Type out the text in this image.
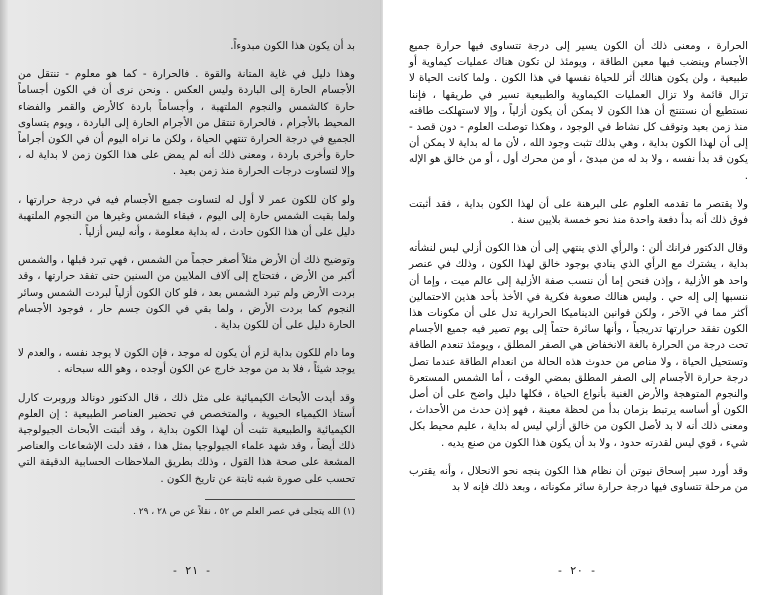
بد أن يكون هذا الكون مبدوءاً.

وهذا دليل في غاية المتانة والقوة . فالحرارة - كما هو معلوم - تنتقل من الأجسام الحارة إلى الباردة وليس العكس . ونحن نرى أن في الكون أجساماً حارة كالشمس والنجوم الملتهبة ، وأجساماً باردة كالأرض والقمر والفضاء المحيط بالأجرام ، فالحرارة تنتقل من الأجرام الحارة إلى الباردة ، ويوم يتساوى الجميع في درجة الحرارة تنتهي الحياة ، ولكن ما نراه اليوم أن في الكون أجراماً حارة وأخرى باردة ، ومعنى ذلك أنه لم يمض على هذا الكون زمن لا بداية له ، وإلا لتساوت درجات الحرارة منذ زمن بعيد .

ولو كان للكون عمر لا أول له لتساوت جميع الأجسام فيه في درجة حرارتها ، ولما بقيت الشمس حارة إلى اليوم ، فبقاء الشمس وغيرها من النجوم الملتهبة دليل على أن هذا الكون حادث ، له بداية معلومة ، وأنه ليس أزلياً .

وتوضيح ذلك أن الأرض مثلاً أصغر حجماً من الشمس ، فهي تبرد قبلها ، والشمس أكبر من الأرض ، فتحتاج إلى آلاف الملايين من السنين حتى تفقد حرارتها ، وقد بردت الأرض ولم تبرد الشمس بعد ، فلو كان الكون أزلياً لبردت الشمس وسائر النجوم كما بردت الأرض ، ولما بقي في الكون جسم حار ، فوجود الأجسام الحارة دليل على أن للكون بداية .

وما دام للكون بداية لزم أن يكون له موجد ، فإن الكون لا يوجد نفسه ، والعدم لا يوجد شيئاً ، فلا بد من موجد خارج عن الكون أوجده ، وهو الله سبحانه .

وقد أيدت الأبحاث الكيميائية على مثل ذلك ، قال الدكتور دونالد وروبرت كارل أستاذ الكيمياء الحيوية ، والمتخصص في تحضير العناصر الطبيعية : إن العلوم الكيميائية والطبيعية تثبت أن لهذا الكون بداية ، وقد أثبتت الأبحاث الجيولوجية ذلك أيضاً ، وقد شهد علماء الجيولوجيا بمثل هذا ، فقد دلت الإشعاعات والعناصر المشعة على صحة هذا القول ، وذلك بطريق الملاحظات الحسابية الدقيقة التي تحسب على صورة شبه ثابتة عن تاريخ الكون .

(١) الله يتجلى في عصر العلم ص ٥٢ ، نقلاً عن ص ٢٨ ، ٢٩ .

- ٢١ -

الحرارة ، ومعنى ذلك أن الكون يسير إلى درجة تتساوى فيها حرارة جميع الأجسام وينضب فيها معين الطاقة ، ويومئذ لن تكون هناك عمليات كيماوية أو طبيعية ، ولن يكون هنالك أثر للحياة نفسها في هذا الكون . ولما كانت الحياة لا تزال قائمة ولا تزال العمليات الكيماوية والطبيعية تسير في طريقها ، فإننا نستطيع أن نستنتج أن هذا الكون لا يمكن أن يكون أزلياً ، وإلا لاستهلكت طاقته منذ زمن بعيد وتوقف كل نشاط في الوجود ، وهكذا توصلت العلوم - دون قصد - إلى أن لهذا الكون بداية ، وهي بذلك تثبت وجود الله ، لأن ما له بداية لا يمكن أن يكون قد بدأ نفسه ، ولا بد له من مبدئ ، أو من محرك أول ، أو من خالق هو الإله .

ولا يقتصر ما تقدمه العلوم على البرهنة على أن لهذا الكون بداية ، فقد أثبتت فوق ذلك أنه بدأ دفعة واحدة منذ نحو خمسة بلايين سنة .

وقال الدكتور فرانك ألن : والرأي الذي ينتهي إلى أن هذا الكون أزلي ليس لنشأته بداية ، يشترك مع الرأي الذي ينادي بوجود خالق لهذا الكون ، وذلك في عنصر واحد هو الأزلية ، وإذن فنحن إما أن ننسب صفة الأزلية إلى عالم ميت ، وإما أن ننسبها إلى إله حي . وليس هنالك صعوبة فكرية في الأخذ بأحد هذين الاحتمالين أكثر مما في الآخر ، ولكن قوانين الديناميكا الحرارية تدل على أن مكونات هذا الكون تفقد حرارتها تدريجياً ، وأنها سائرة حتماً إلى يوم تصير فيه جميع الأجسام تحت درجة من الحرارة بالغة الانخفاض هي الصفر المطلق ، ويومئذ تنعدم الطاقة وتستحيل الحياة ، ولا مناص من حدوث هذه الحالة من انعدام الطاقة عندما تصل درجة حرارة الأجسام إلى الصفر المطلق بمضي الوقت ، أما الشمس المستعرة والنجوم المتوهجة والأرض الغنية بأنواع الحياة ، فكلها دليل واضح على أن أصل الكون أو أساسه يرتبط بزمان بدأ من لحظة معينة ، فهو إذن حدث من الأحداث ، ومعنى ذلك أنه لا بد لأصل الكون من خالق أزلي ليس له بداية ، عليم محيط بكل شيء ، قوي ليس لقدرته حدود ، ولا بد أن يكون هذا الكون من صنع يديه .

وقد أورد سير إسحاق نيوتن أن نظام هذا الكون ينجه نحو الانحلال ، وأنه يقترب من مرحلة تتساوى فيها درجة حرارة سائر مكوناته ، وبعد ذلك فإنه لا بد

- ٢٠ -
